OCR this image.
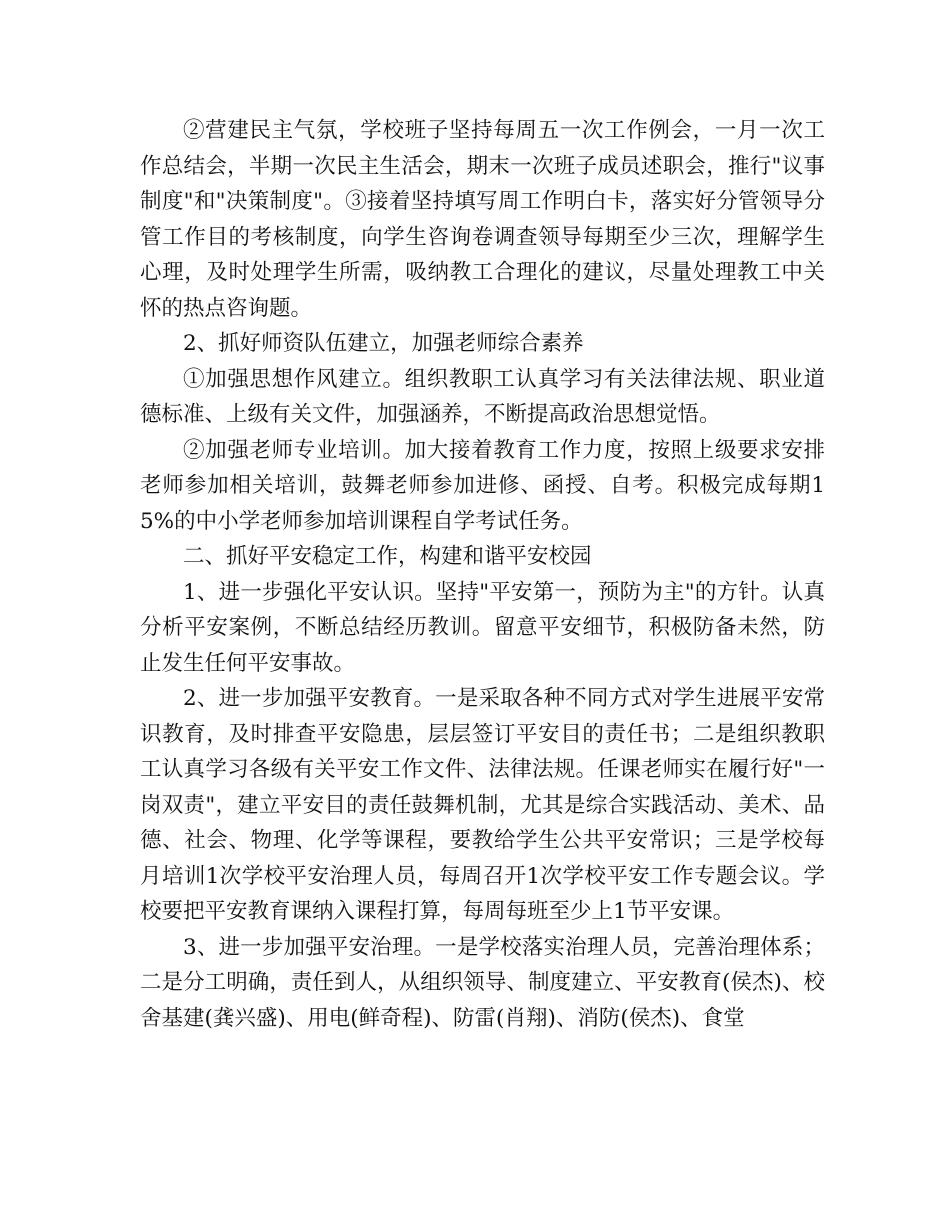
②营建民主气氛，学校班子坚持每周五一次工作例会，一月一次工作总结会，半期一次民主生活会，期末一次班子成员述职会，推行"议事制度"和"决策制度"。③接着坚持填写周工作明白卡，落实好分管领导分管工作目的考核制度，向学生咨询卷调查领导每期至少三次，理解学生心理，及时处理学生所需，吸纳教工合理化的建议，尽量处理教工中关怀的热点咨询题。

2、抓好师资队伍建立，加强老师综合素养

①加强思想作风建立。组织教职工认真学习有关法律法规、职业道德标准、上级有关文件，加强涵养，不断提高政治思想觉悟。

②加强老师专业培训。加大接着教育工作力度，按照上级要求安排老师参加相关培训，鼓舞老师参加进修、函授、自考。积极完成每期15%的中小学老师参加培训课程自学考试任务。

二、抓好平安稳定工作，构建和谐平安校园

1、进一步强化平安认识。坚持"平安第一，预防为主"的方针。认真分析平安案例，不断总结经历教训。留意平安细节，积极防备未然，防止发生任何平安事故。

2、进一步加强平安教育。一是采取各种不同方式对学生进展平安常识教育，及时排查平安隐患，层层签订平安目的责任书；二是组织教职工认真学习各级有关平安工作文件、法律法规。任课老师实在履行好"一岗双责"，建立平安目的责任鼓舞机制，尤其是综合实践活动、美术、品德、社会、物理、化学等课程，要教给学生公共平安常识；三是学校每月培训1次学校平安治理人员，每周召开1次学校平安工作专题会议。学校要把平安教育课纳入课程打算，每周每班至少上1节平安课。

3、进一步加强平安治理。一是学校落实治理人员，完善治理体系；二是分工明确，责任到人，从组织领导、制度建立、平安教育(侯杰)、校舍基建(龚兴盛)、用电(鲜奇程)、防雷(肖翔)、消防(侯杰)、食堂
